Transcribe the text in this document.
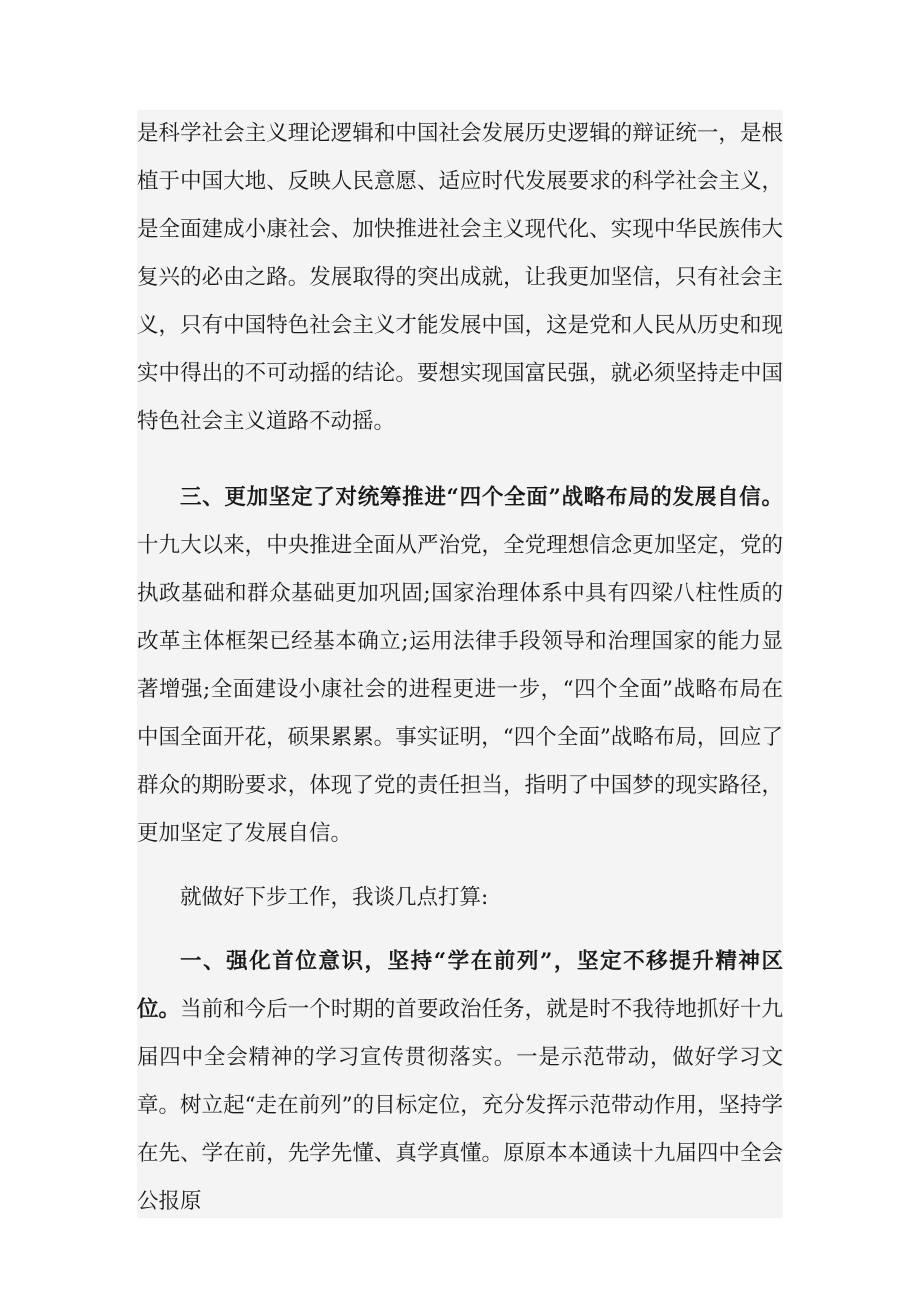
是科学社会主义理论逻辑和中国社会发展历史逻辑的辩证统一，是根植于中国大地、反映人民意愿、适应时代发展要求的科学社会主义，是全面建成小康社会、加快推进社会主义现代化、实现中华民族伟大复兴的必由之路。发展取得的突出成就，让我更加坚信，只有社会主义，只有中国特色社会主义才能发展中国，这是党和人民从历史和现实中得出的不可动摇的结论。要想实现国富民强，就必须坚持走中国特色社会主义道路不动摇。

三、更加坚定了对统筹推进“四个全面”战略布局的发展自信。十九大以来，中央推进全面从严治党，全党理想信念更加坚定，党的执政基础和群众基础更加巩固;国家治理体系中具有四梁八柱性质的改革主体框架已经基本确立;运用法律手段领导和治理国家的能力显著增强;全面建设小康社会的进程更进一步，“四个全面”战略布局在中国全面开花，硕果累累。事实证明，“四个全面”战略布局，回应了群众的期盼要求，体现了党的责任担当，指明了中国梦的现实路径，更加坚定了发展自信。

就做好下步工作，我谈几点打算:

一、强化首位意识，坚持“学在前列”，坚定不移提升精神区位。当前和今后一个时期的首要政治任务，就是时不我待地抓好十九届四中全会精神的学习宣传贯彻落实。一是示范带动，做好学习文章。树立起“走在前列”的目标定位，充分发挥示范带动作用，坚持学在先、学在前，先学先懂、真学真懂。原原本本通读十九届四中全会公报原
